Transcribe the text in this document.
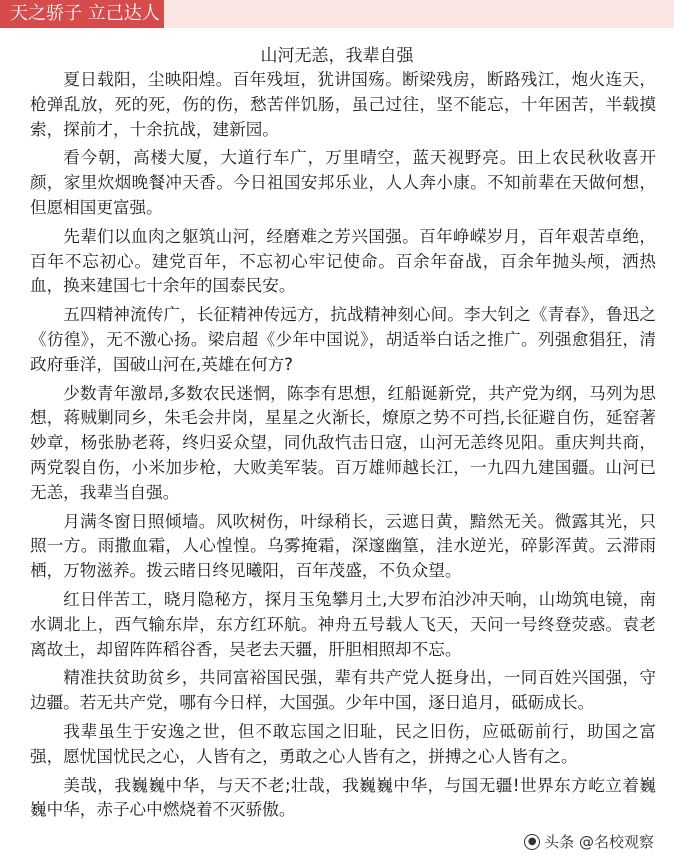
天之骄子 立己达人
山河无恙，我辈自强

夏日载阳，尘映阳煌。百年残垣，犹讲国殇。断梁残房，断路残江，炮火连天，枪弹乱放，死的死，伤的伤，愁苦伴饥肠，虽己过往，坚不能忘，十年困苦，半载摸索，探前才，十余抗战，建新园。

看今朝，高楼大厦，大道行车广，万里晴空，蓝天视野亮。田上农民秋收喜开颜，家里炊烟晚餐冲天香。今日祖国安邦乐业，人人奔小康。不知前辈在天做何想，但愿相国更富强。

先辈们以血肉之躯筑山河，经磨难之芳兴国强。百年峥嵘岁月，百年艰苦卓绝，百年不忘初心。建党百年，不忘初心牢记使命。百余年奋战，百余年抛头颅，洒热血，换来建国七十余年的国泰民安。

五四精神流传广，长征精神传远方，抗战精神刻心间。李大钊之《青春》，鲁迅之《彷徨》，无不激心扬。梁启超《少年中国说》，胡适举白话之推广。列强愈猖狂，清政府垂洋，国破山河在,英雄在何方?

少数青年激昂,多数农民迷惘，陈李有思想，红船诞新党，共产党为纲，马列为思想，蒋贼剿同乡，朱毛会井岗，星星之火渐长，燎原之势不可挡,长征避自伤，延窑著妙章，杨张胁老蒋，终归妥众望，同仇敌忾击日寇，山河无恙终见阳。重庆判共商，两党裂自伤，小米加步枪，大败美军装。百万雄师越长江，一九四九建国疆。山河已无恙，我辈当自强。

月满冬窗日照倾墙。风吹树伤，叶绿稍长，云遮日黄，黯然无关。微露其光，只照一方。雨撒血霜，人心惶惶。乌雾掩霜，深邃幽篁，洼水逆光，碎影浑黄。云滞雨栖，万物滋养。拨云睹日终见曦阳，百年茂盛，不负众望。

红日伴苦工，晓月隐秘方，探月玉兔攀月土,大罗布泊沙冲天响，山坳筑电镜，南水调北上，西气输东岸，东方红环航。神舟五号载人飞天，天问一号终登荧惑。袁老离故土，却留阵阵稻谷香，吴老去天疆，肝胆相照却不忘。

精准扶贫助贫乡，共同富裕国民强，辈有共产党人挺身出，一同百姓兴国强，守边疆。若无共产党，哪有今日样，大国强。少年中国，逐日追月，砥砺成长。

我辈虽生于安逸之世，但不敢忘国之旧耻，民之旧伤，应砥砺前行，助国之富强，愿忧国忧民之心，人皆有之，勇敢之心人皆有之，拼搏之心人皆有之。

美哉，我巍巍中华，与天不老;壮哉，我巍巍中华，与国无疆!世界东方屹立着巍巍中华，赤子心中燃烧着不灭骄傲。

● 头条 @名校观察
